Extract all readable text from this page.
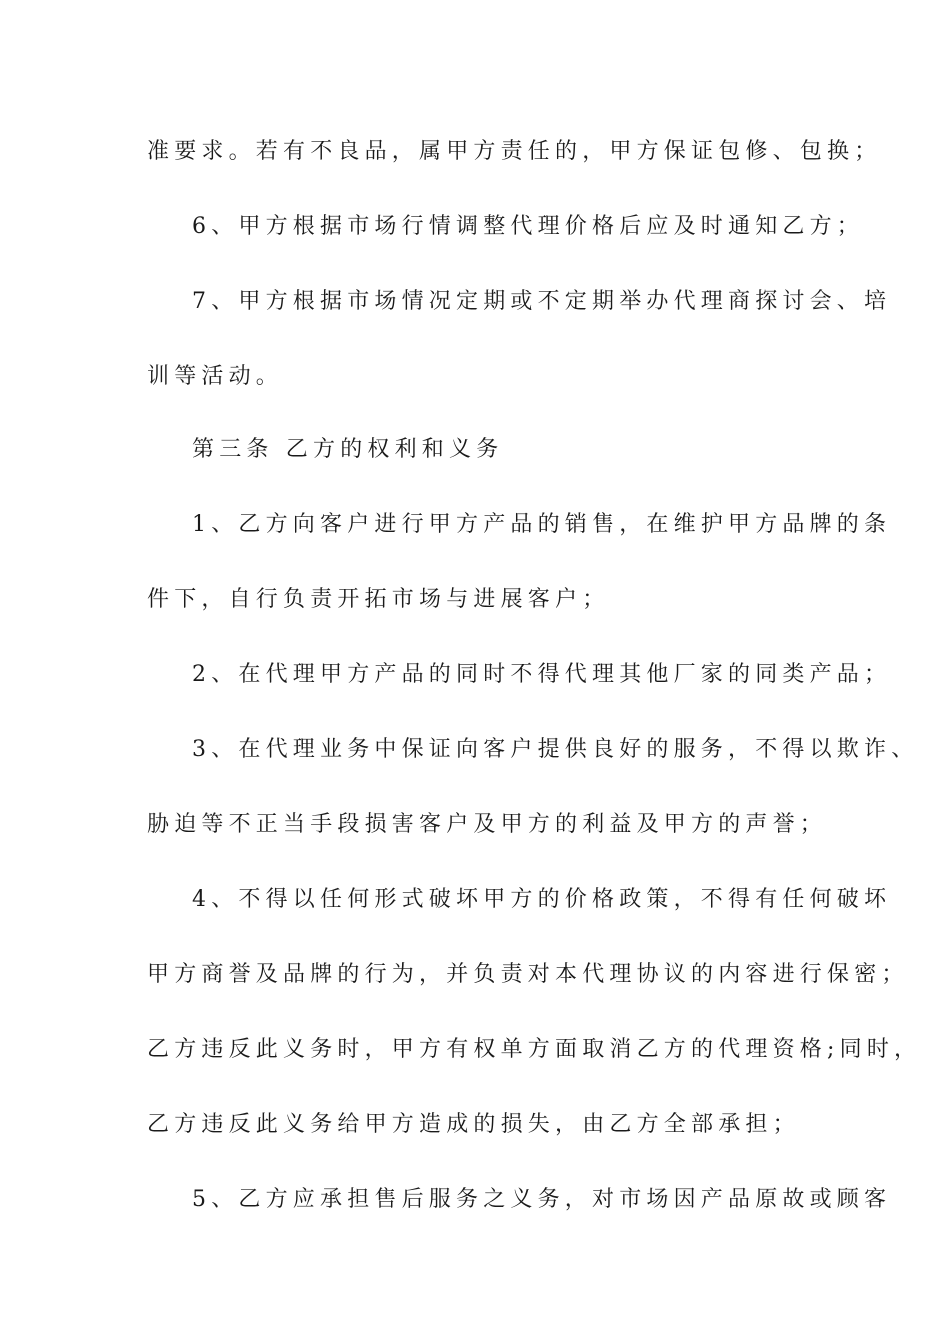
准要求。若有不良品，属甲方责任的，甲方保证包修、包换；
6、甲方根据市场行情调整代理价格后应及时通知乙方；
7、甲方根据市场情况定期或不定期举办代理商探讨会、培
训等活动。
第三条 乙方的权利和义务
1、乙方向客户进行甲方产品的销售，在维护甲方品牌的条
件下，自行负责开拓市场与进展客户；
2、在代理甲方产品的同时不得代理其他厂家的同类产品；
3、在代理业务中保证向客户提供良好的服务，不得以欺诈、
胁迫等不正当手段损害客户及甲方的利益及甲方的声誉；
4、不得以任何形式破坏甲方的价格政策，不得有任何破坏
甲方商誉及品牌的行为，并负责对本代理协议的内容进行保密；
乙方违反此义务时，甲方有权单方面取消乙方的代理资格;同时，
乙方违反此义务给甲方造成的损失，由乙方全部承担；
5、乙方应承担售后服务之义务，对市场因产品原故或顾客
